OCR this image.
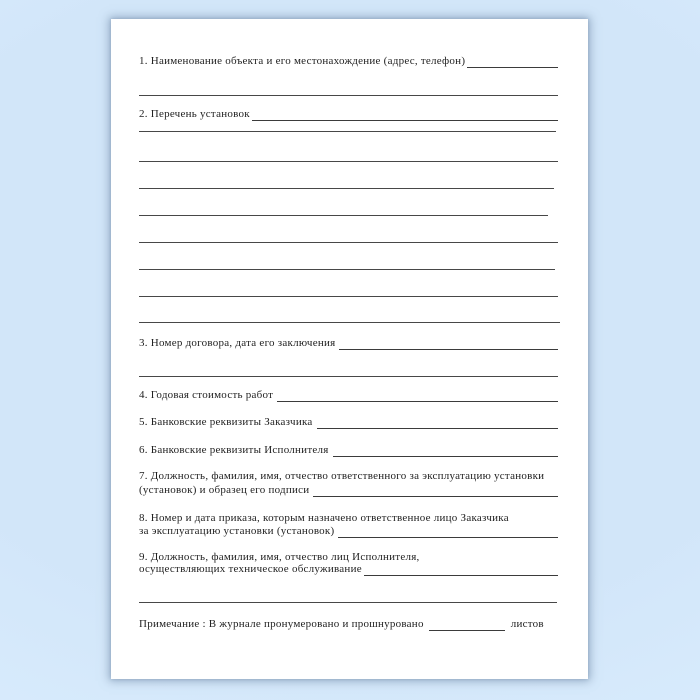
1. Наименование объекта и его местонахождение (адрес, телефон)
2. Перечень установок
3. Номер договора, дата его заключения
4. Годовая стоимость работ
5. Банковские реквизиты Заказчика
6. Банковские реквизиты Исполнителя
7. Должность, фамилия, имя, отчество ответственного за эксплуатацию установки
(установок) и образец его подписи
8. Номер и дата приказа, которым назначено ответственное лицо Заказчика
за эксплуатацию установки (установок)
9. Должность, фамилия, имя, отчество лиц Исполнителя,
осуществляющих техническое обслуживание
Примечание : В журнале пронумеровано и прошнуровано	листов
